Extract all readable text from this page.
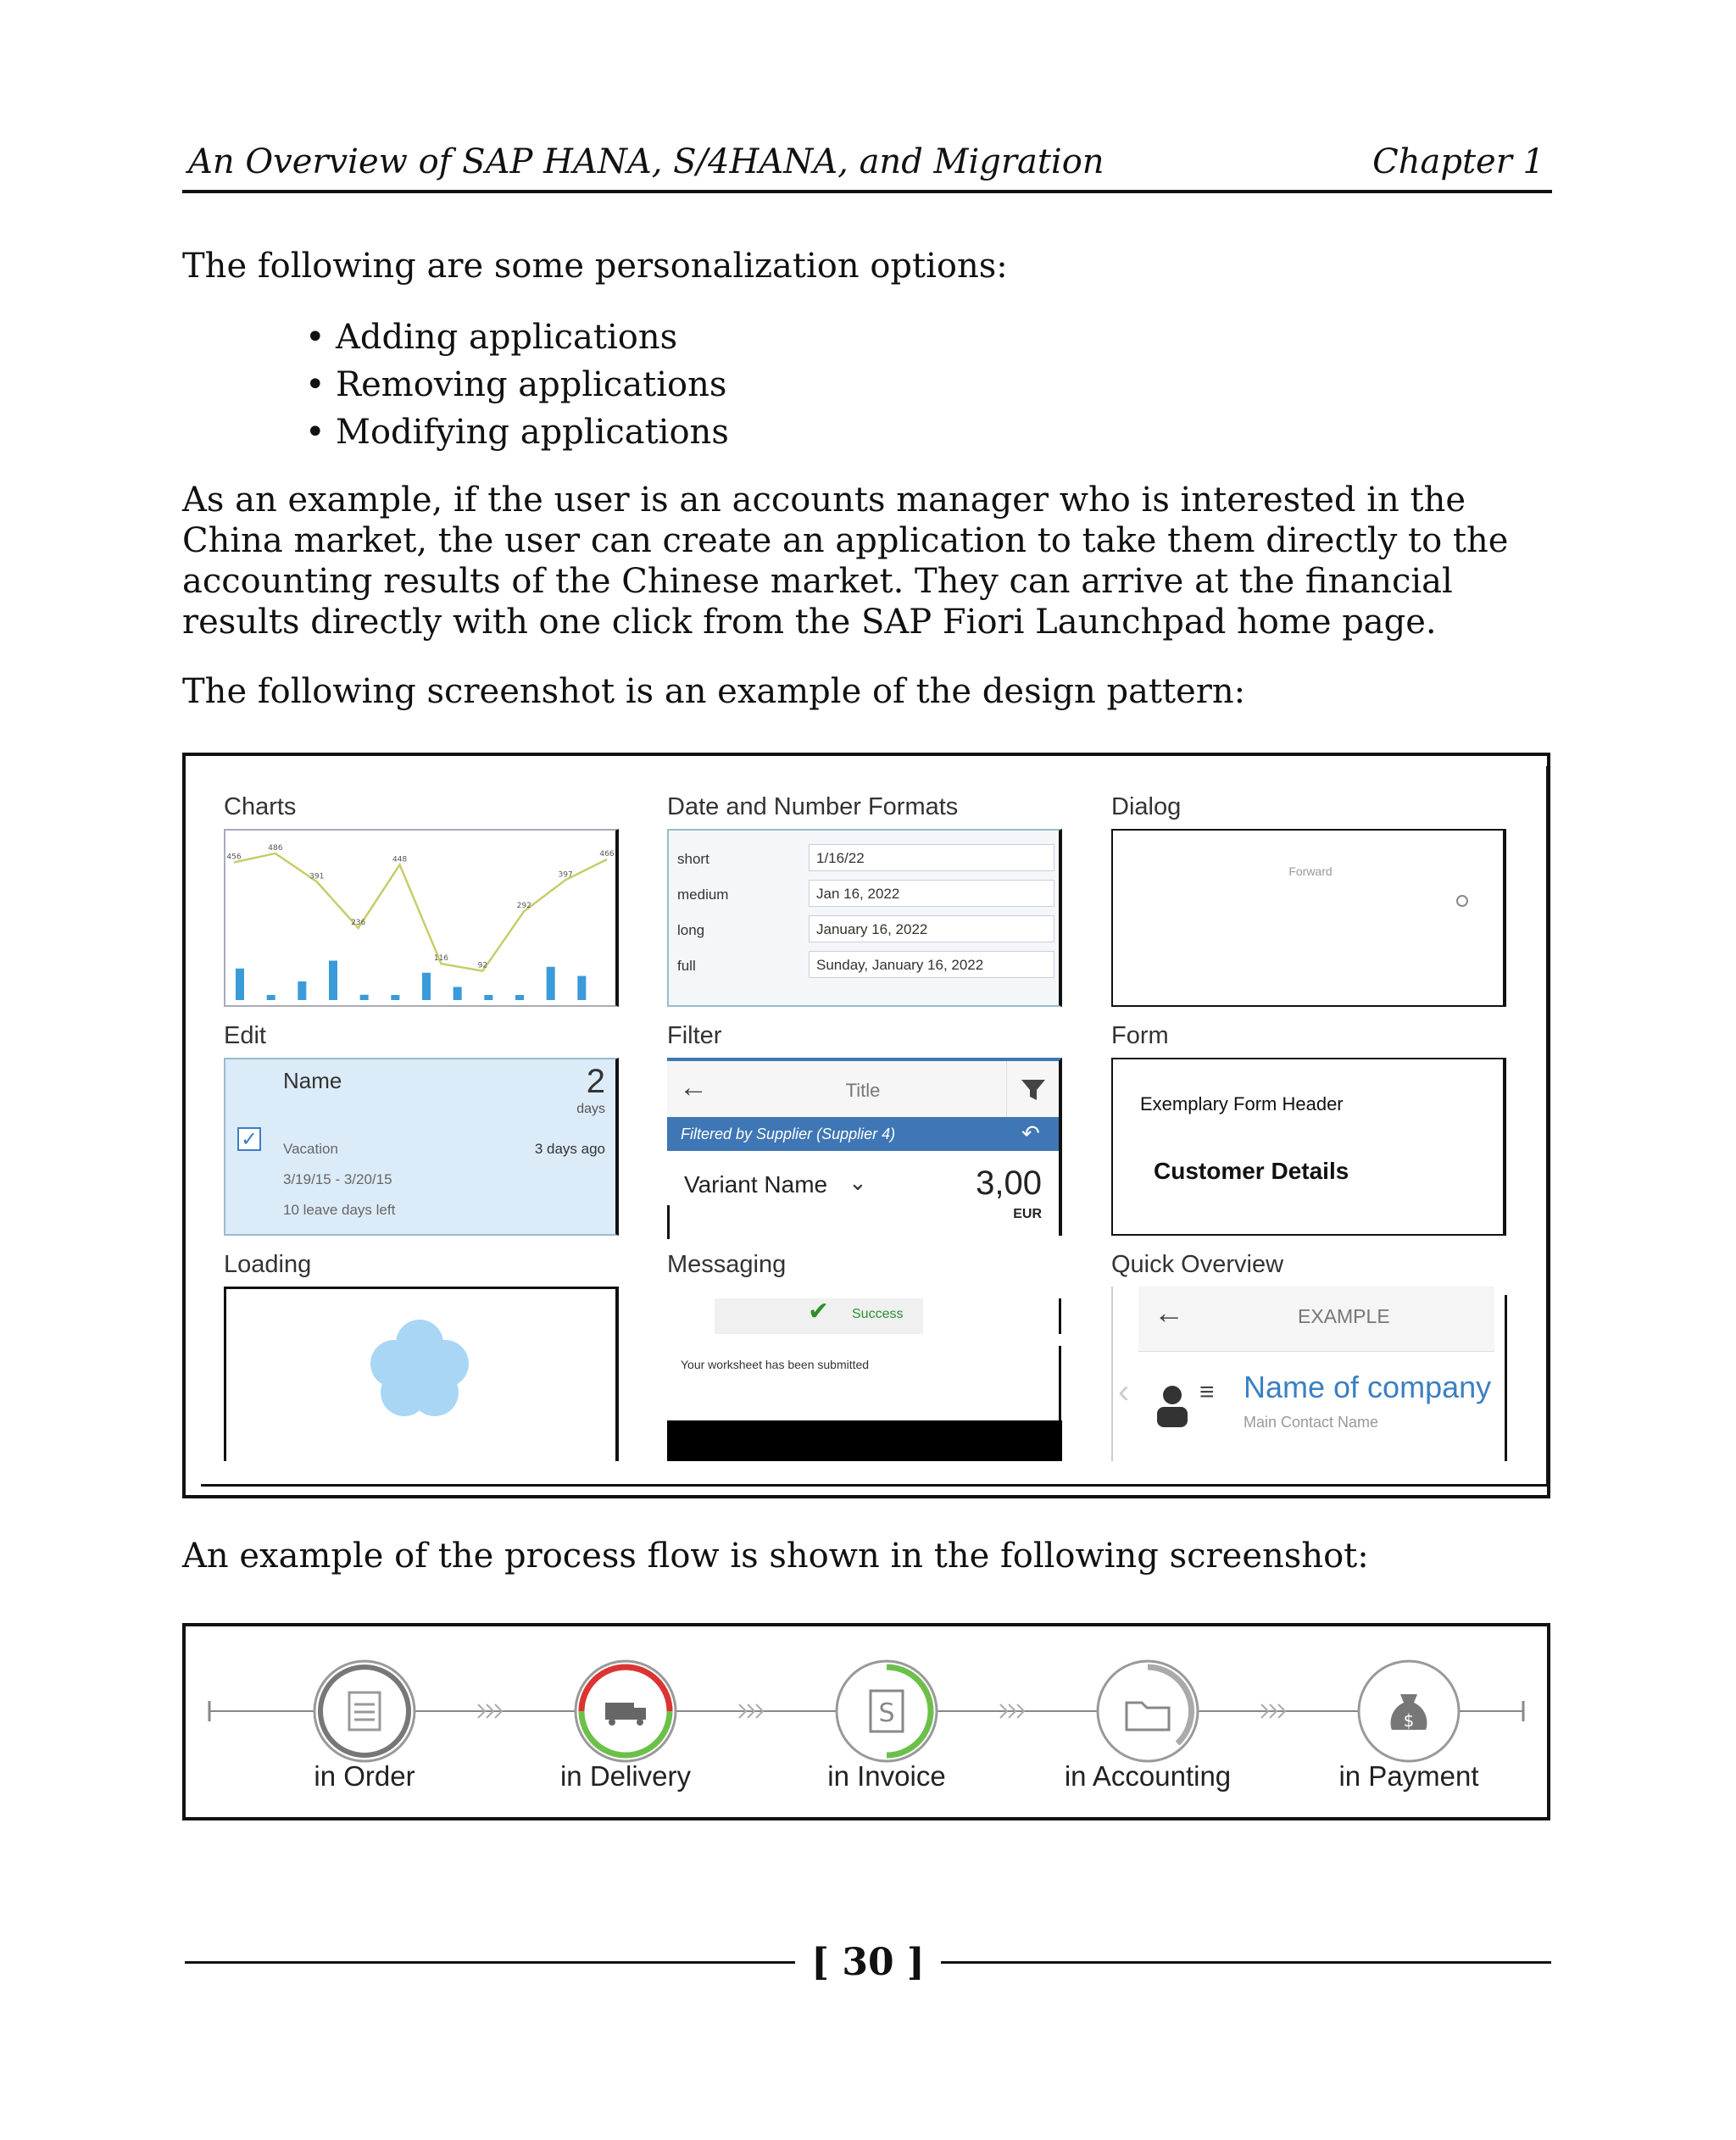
An Overview of SAP HANA, S/4HANA, and Migration	Chapter 1

The following are some personalization options:

• Adding applications
• Removing applications
• Modifying applications

As an example, if the user is an accounts manager who is interested in the China market, the user can create an application to take them directly to the accounting results of the Chinese market. They can arrive at the financial results directly with one click from the SAP Fiori Launchpad home page.

The following screenshot is an example of the design pattern:

Charts
456
486
391
236
448
116
92
292
397
466
Date and Number Formats
short	1/16/22
medium	Jan 16, 2022
long	January 16, 2022
full	Sunday, January 16, 2022
Dialog
Forward
Edit
Name	2
days
✓ Vacation	3 days ago
3/19/15 - 3/20/15
10 leave days left
Filter
←	Title
Filtered by Supplier (Supplier 4)	↶
Variant Name ⌄	3,00
EUR
Form
Exemplary Form Header
Customer Details
Loading	Messaging
✔ Success
Your worksheet has been submitted
Quick Overview
←	EXAMPLE
‹	≡ Name of company
Main Contact Name

An example of the process flow is shown in the following screenshot:

S	$
in Order	in Delivery	in Invoice	in Accounting	in Payment
[ 30 ]
